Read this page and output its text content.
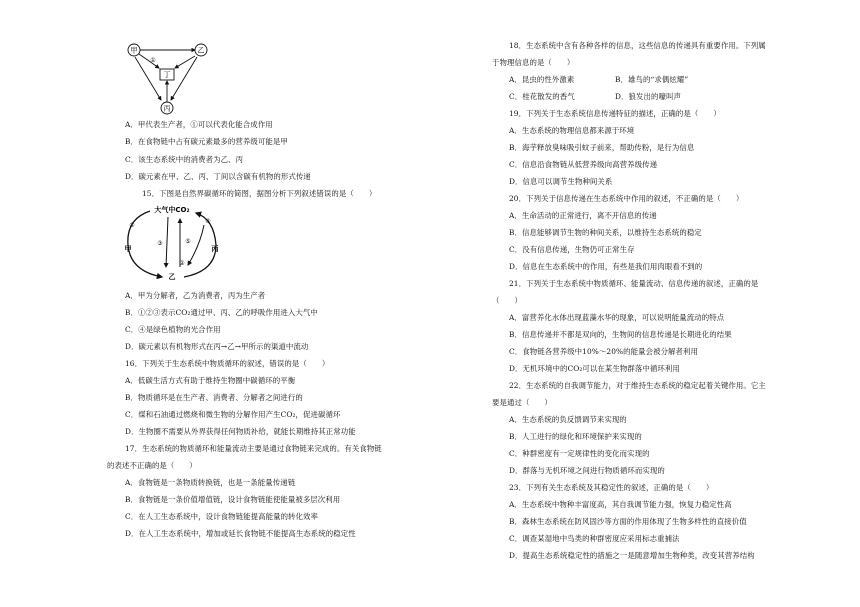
甲	乙
丙
丁
①
A．甲代表生产者，①可以代表化能合成作用
B．在食物链中占有碳元素最多的营养级可能是甲
C．该生态系统中的消费者为乙、丙
D．碳元素在甲、乙、丙、丁间以含碳有机物的形式传递
15．下图是自然界碳循环的简图，据图分析下列叙述错误的是（　　）
大气中CO₂
甲	丙
乙
①
②
③
④
⑤
A．甲为分解者，乙为消费者，丙为生产者
B．①②③表示CO₂通过甲、丙、乙的呼吸作用进入大气中
C．④是绿色植物的光合作用
D．碳元素以有机物形式在丙→乙→甲所示的渠道中流动
16．下列关于生态系统中物质循环的叙述，错误的是（　　）
A．低碳生活方式有助于维持生物圈中碳循环的平衡
B．物质循环是在生产者、消费者、分解者之间进行的
C．煤和石油通过燃烧和微生物的分解作用产生CO₂，促进碳循环
D．生物圈不需要从外界获得任何物质补给，就能长期维持其正常功能
17．生态系统的物质循环和能量流动主要是通过食物链来完成的。有关食物链
的表述不正确的是（　　）
A．食物链是一条物质转换链，也是一条能量传递链
B．食物链是一条价值增值链，设计食物链能使能量被多层次利用
C．在人工生态系统中，设计食物链能提高能量的转化效率
D．在人工生态系统中，增加或延长食物链不能提高生态系统的稳定性
18．生态系统中含有各种各样的信息，这些信息的传递具有重要作用。下列属
于物理信息的是（　　）
A．昆虫的性外激素	B．雄鸟的“求偶炫耀”
C．桂花散发的香气	D．狼发出的嚎叫声
19．下列关于生态系统信息传递特征的描述，正确的是（　　）
A．生态系统的物理信息都来源于环境
B．海芋释放臭味吸引蚊子前来，帮助传粉，是行为信息
C．信息沿食物链从低营养级向高营养级传递
D．信息可以调节生物种间关系
20．下列关于信息传递在生态系统中作用的叙述，不正确的是（　　）
A．生命活动的正常进行，离不开信息的传递
B．信息能够调节生物的种间关系，以维持生态系统的稳定
C．没有信息传递，生物仍可正常生存
D．信息在生态系统中的作用，有些是我们用肉眼看不到的
21．下列关于生态系统中物质循环、能量流动、信息传递的叙述，正确的是
（　　）
A．富营养化水体出现蓝藻水华的现象，可以说明能量流动的特点
B．信息传递并不都是双向的，生物间的信息传递是长期进化的结果
C．食物链各营养级中10%～20%的能量会被分解者利用
D．无机环境中的CO₂可以在某生物群落中循环利用
22．生态系统的自我调节能力，对于维持生态系统的稳定起着关键作用。它主
要是通过（　　）
A．生态系统的负反馈调节来实现的
B．人工进行的绿化和环境保护来实现的
C．种群密度有一定规律性的变化而实现的
D．群落与无机环境之间进行物质循环而实现的
23．下列有关生态系统及其稳定性的叙述，正确的是（　　）
A．生态系统中物种丰富度高，其自我调节能力强，恢复力稳定性高
B．森林生态系统在防风固沙等方面的作用体现了生物多样性的直接价值
C．调查某湿地中鸟类的种群密度应采用标志重捕法
D．提高生态系统稳定性的措施之一是随意增加生物种类，改变其营养结构
